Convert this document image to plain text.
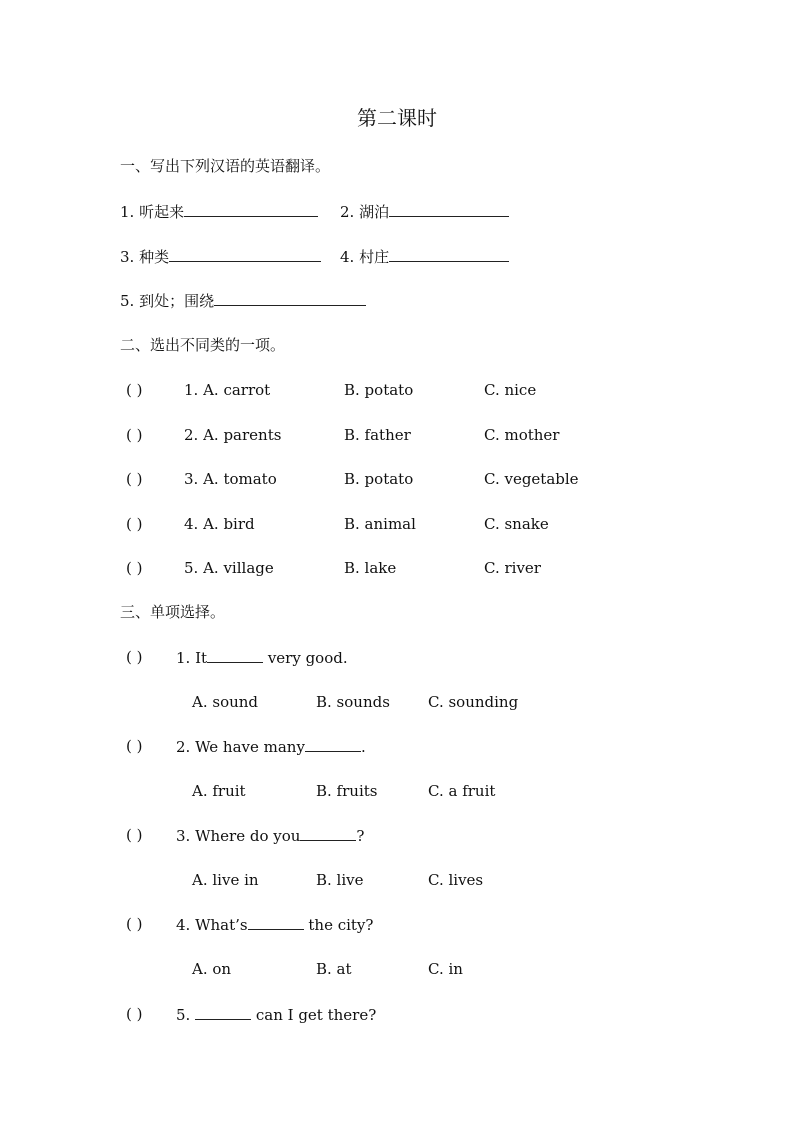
第二课时
一、写出下列汉语的英语翻译。
1. 听起来	2. 湖泊
3. 种类	4. 村庄
5. 到处；围绕
二、选出不同类的一项。
( )	1. A. carrot	B. potato	C. nice
( )	2. A. parents	B. father	C. mother
( )	3. A. tomato	B. potato	C. vegetable
( )	4. A. bird	B. animal	C. snake
( )	5. A. village	B. lake	C. river
三、单项选择。
( ) 1. It	very good.
A. sound	B. sounds	C. sounding
( ) 2. We have many	.
A. fruit	B. fruits	C. a fruit
( ) 3. Where do you	?
A. live in	B. live	C. lives
( ) 4. What’s	the city?
A. on	B. at	C. in
( ) 5.	can I get there?
